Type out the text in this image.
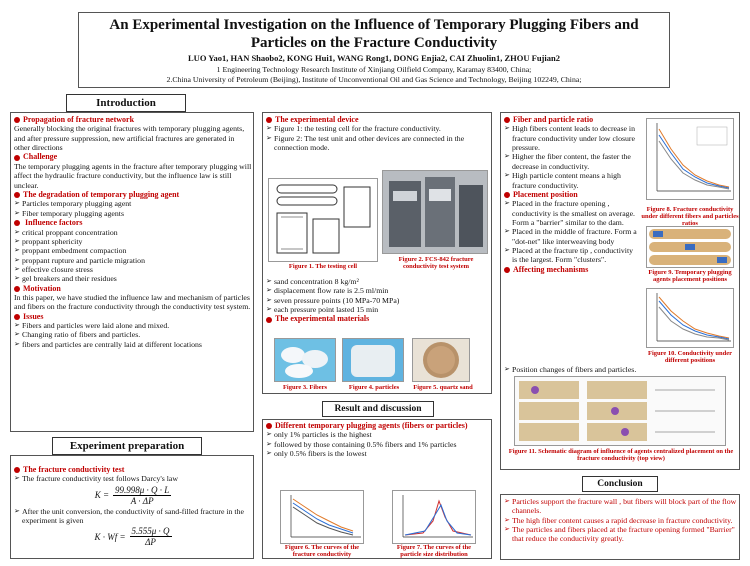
An Experimental Investigation on the Influence of Temporary Plugging Fibers and
Particles on the Fracture Conductivity
LUO Yao1, HAN Shaobo2, KONG Hui1, WANG Rong1, DONG Enjia2, CAI Zhuolin1, ZHOU Fujian2
1 Engineering Technology Research Institute of Xinjiang Oilfield Company, Karamay 83400, China;
2.China University of Petroleum (Beijing), Institute of Unconventional Oil and Gas Science and Technology, Beijing 102249, China;
Introduction
Propagation of fracture network
Generally blocking the original fractures with temporary plugging agents, and after pressure suppression, new artificial fractures are generated in other directions
Challenge
The temporary plugging agents in the fracture after temporary plugging will affect the hydraulic fracture conductivity, but the influence law is still unclear.
The degradation of temporary plugging agent
➢ Particles temporary plugging agent
➢ Fiber temporary plugging agents
Influence factors
➢ critical proppant concentration
➢ proppant sphericity
➢ proppant embedment compaction
➢ proppant rupture and particle migration
➢ effective closure stress
➢ gel breakers and their residues
Motivation
In this paper, we have studied the influence law and mechanism of particles and fibers on the fracture conductivity through the conductivity test system.
Issues
➢ Fibers and particles were laid alone and mixed.
➢ Changing ratio of fibers and particles.
➢ fibers and particles are centrally laid at different locations
Experiment preparation
The fracture conductivity test
➢ The fracture conductivity test follows Darcy's law
$K = \frac{99.998\mu \cdot Q \cdot L}{A \cdot \Delta P}$
➢ After the unit conversion, the conductivity of sand-filled fracture in the experiment is given
$K \cdot Wf = \frac{5.555\mu \cdot Q}{\Delta P}$
The experimental device
➢ Figure 1: the testing cell for the fracture conductivity.
➢ Figure 2: The test unit and other devices are connected in the connection mode.
Figure 1. The testing cell
Figure 2. FCS-842 fracture conductivity test system
➢ sand concentration 8 kg/m²
➢ displacement flow rate is 2.5 ml/min
➢ seven pressure points (10 MPa-70 MPa)
➢ each pressure point lasted 15 min
The experimental materials
Figure 3. Fibers	Figure 4. particles	Figure 5. quartz sand
Result and discussion
Different temporary plugging agents (fibers or particles)
➢ only 1% particles is the highest
➢ followed by those containing 0.5% fibers and 1% particles
➢ only 0.5% fibers is the lowest
Figure 6. The curves of the fracture conductivity
Figure 7. The curves of the particle size distribution
Fiber and particle ratio
➢ High fibers content leads to decrease in fracture conductivity under low closure pressure.
➢ Higher the fiber content, the faster the decrease in conductivity.
➢ High particle content means a high fracture conductivity.
Placement position
➢ Placed in the fracture opening , conductivity is the smallest on average. Form a "barrier" similar to the dam.
➢ Placed in the middle of fracture. Form a "dot-net" like interweaving body
➢ Placed at the fracture tip , conductivity is the largest. Form "clusters".
Affecting mechanisms
Figure 8. Fracture conductivity under different fibers and particles ratios
Figure 9. Temporary plugging agents placement positions
Figure 10. Conductivity under different positions
➢ Position changes of fibers and particles.
Figure 11. Schematic diagram of influence of agents centralized placement on the fracture conductivity (top view)
Conclusion
➢ Particles support the fracture wall , but fibers will block part of the flow channels.
➢ The high fiber content causes a rapid decrease in fracture conductivity.
➢ The particles and fibers placed at the fracture opening formed "Barrier" that reduce the conductivity greatly.
